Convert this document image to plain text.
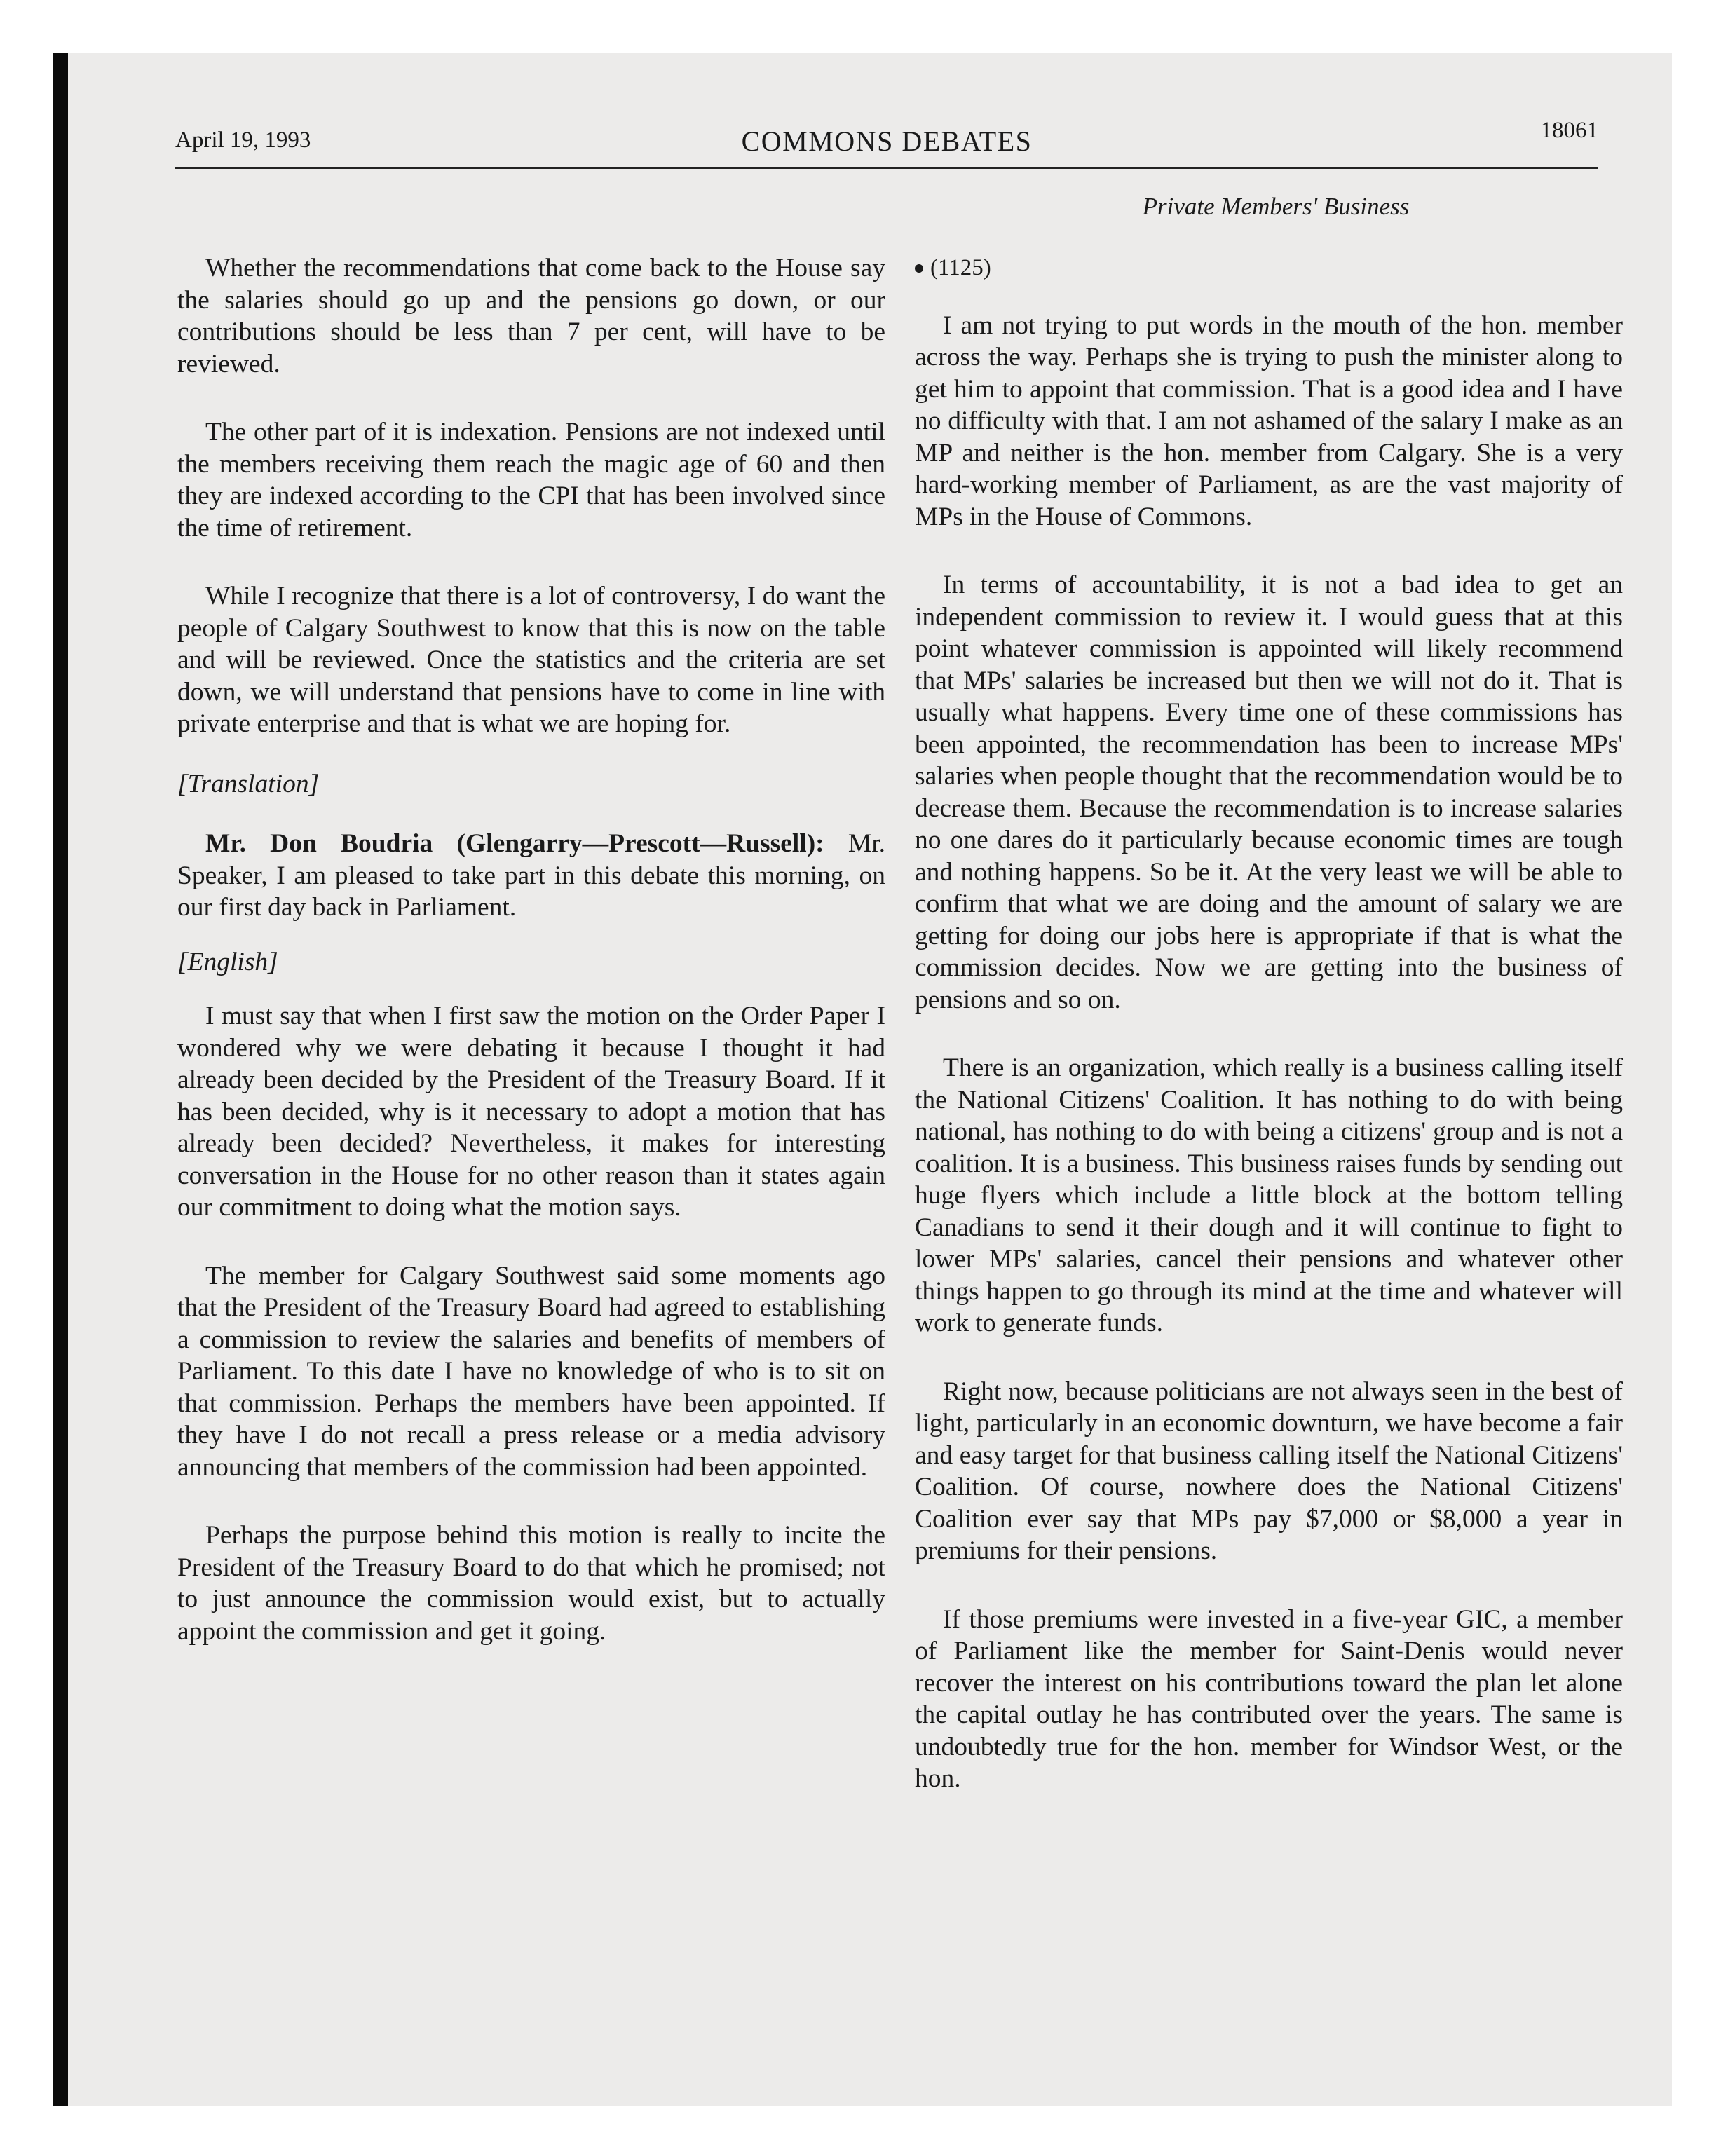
April 19, 1993	COMMONS DEBATES	18061
Private Members' Business

Whether the recommendations that come back to the House say the salaries should go up and the pensions go down, or our contributions should be less than 7 per cent, will have to be reviewed.

The other part of it is indexation. Pensions are not indexed until the members receiving them reach the magic age of 60 and then they are indexed according to the CPI that has been involved since the time of retirement.

While I recognize that there is a lot of controversy, I do want the people of Calgary Southwest to know that this is now on the table and will be reviewed. Once the statistics and the criteria are set down, we will understand that pensions have to come in line with private enterprise and that is what we are hoping for.

[Translation]

Mr. Don Boudria (Glengarry—Prescott—Russell): Mr. Speaker, I am pleased to take part in this debate this morning, on our first day back in Parliament.

[English]

I must say that when I first saw the motion on the Order Paper I wondered why we were debating it because I thought it had already been decided by the President of the Treasury Board. If it has been decided, why is it necessary to adopt a motion that has already been decided? Nevertheless, it makes for interesting conversation in the House for no other reason than it states again our commitment to doing what the motion says.

The member for Calgary Southwest said some moments ago that the President of the Treasury Board had agreed to establishing a commission to review the salaries and benefits of members of Parliament. To this date I have no knowledge of who is to sit on that commission. Perhaps the members have been appointed. If they have I do not recall a press release or a media advisory announcing that members of the commission had been appointed.

Perhaps the purpose behind this motion is really to incite the President of the Treasury Board to do that which he promised; not to just announce the commission would exist, but to actually appoint the commission and get it going.

(1125)

I am not trying to put words in the mouth of the hon. member across the way. Perhaps she is trying to push the minister along to get him to appoint that commission. That is a good idea and I have no difficulty with that. I am not ashamed of the salary I make as an MP and neither is the hon. member from Calgary. She is a very hard-working member of Parliament, as are the vast majority of MPs in the House of Commons.

In terms of accountability, it is not a bad idea to get an independent commission to review it. I would guess that at this point whatever commission is appointed will likely recommend that MPs' salaries be increased but then we will not do it. That is usually what happens. Every time one of these commissions has been appointed, the recommendation has been to increase MPs' salaries when people thought that the recommendation would be to decrease them. Because the recommendation is to increase salaries no one dares do it particularly because economic times are tough and nothing happens. So be it. At the very least we will be able to confirm that what we are doing and the amount of salary we are getting for doing our jobs here is appropriate if that is what the commission decides. Now we are getting into the business of pensions and so on.

There is an organization, which really is a business calling itself the National Citizens' Coalition. It has nothing to do with being national, has nothing to do with being a citizens' group and is not a coalition. It is a business. This business raises funds by sending out huge flyers which include a little block at the bottom telling Canadians to send it their dough and it will continue to fight to lower MPs' salaries, cancel their pensions and whatever other things happen to go through its mind at the time and whatever will work to generate funds.

Right now, because politicians are not always seen in the best of light, particularly in an economic downturn, we have become a fair and easy target for that business calling itself the National Citizens' Coalition. Of course, nowhere does the National Citizens' Coalition ever say that MPs pay $7,000 or $8,000 a year in premiums for their pensions.

If those premiums were invested in a five-year GIC, a member of Parliament like the member for Saint-Denis would never recover the interest on his contributions toward the plan let alone the capital outlay he has contributed over the years. The same is undoubtedly true for the hon. member for Windsor West, or the hon.
